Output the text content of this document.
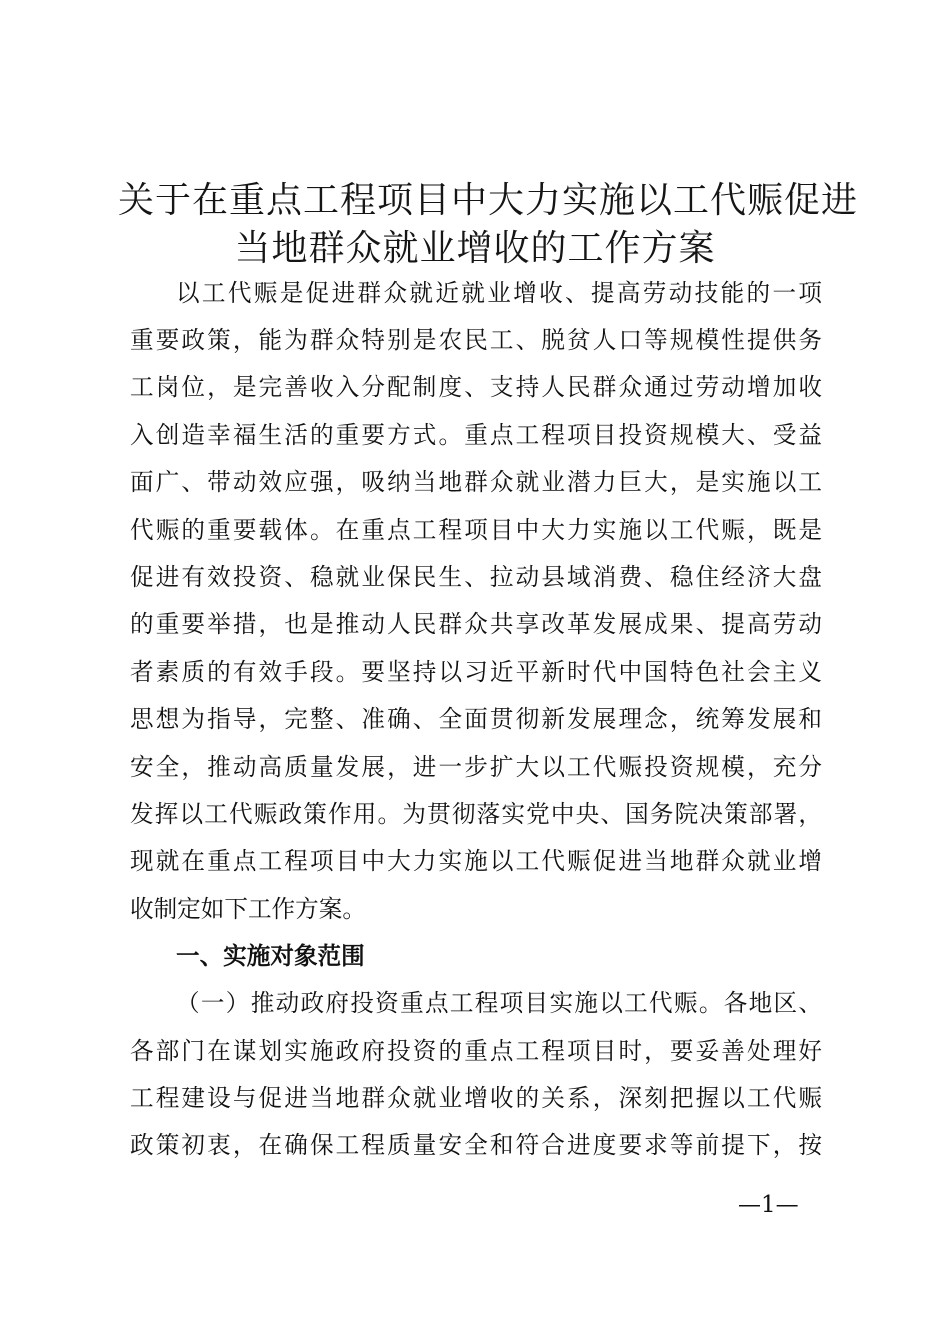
关于在重点工程项目中大力实施以工代赈促进
当地群众就业增收的工作方案
以工代赈是促进群众就近就业增收、提高劳动技能的一项
重要政策，能为群众特别是农民工、脱贫人口等规模性提供务
工岗位，是完善收入分配制度、支持人民群众通过劳动增加收
入创造幸福生活的重要方式。重点工程项目投资规模大、受益
面广、带动效应强，吸纳当地群众就业潜力巨大，是实施以工
代赈的重要载体。在重点工程项目中大力实施以工代赈，既是
促进有效投资、稳就业保民生、拉动县域消费、稳住经济大盘
的重要举措，也是推动人民群众共享改革发展成果、提高劳动
者素质的有效手段。要坚持以习近平新时代中国特色社会主义
思想为指导，完整、准确、全面贯彻新发展理念，统筹发展和
安全，推动高质量发展，进一步扩大以工代赈投资规模，充分
发挥以工代赈政策作用。为贯彻落实党中央、国务院决策部署，
现就在重点工程项目中大力实施以工代赈促进当地群众就业增
收制定如下工作方案。
一、实施对象范围
（一）推动政府投资重点工程项目实施以工代赈。各地区、
各部门在谋划实施政府投资的重点工程项目时，要妥善处理好
工程建设与促进当地群众就业增收的关系，深刻把握以工代赈
政策初衷，在确保工程质量安全和符合进度要求等前提下，按
—1—
